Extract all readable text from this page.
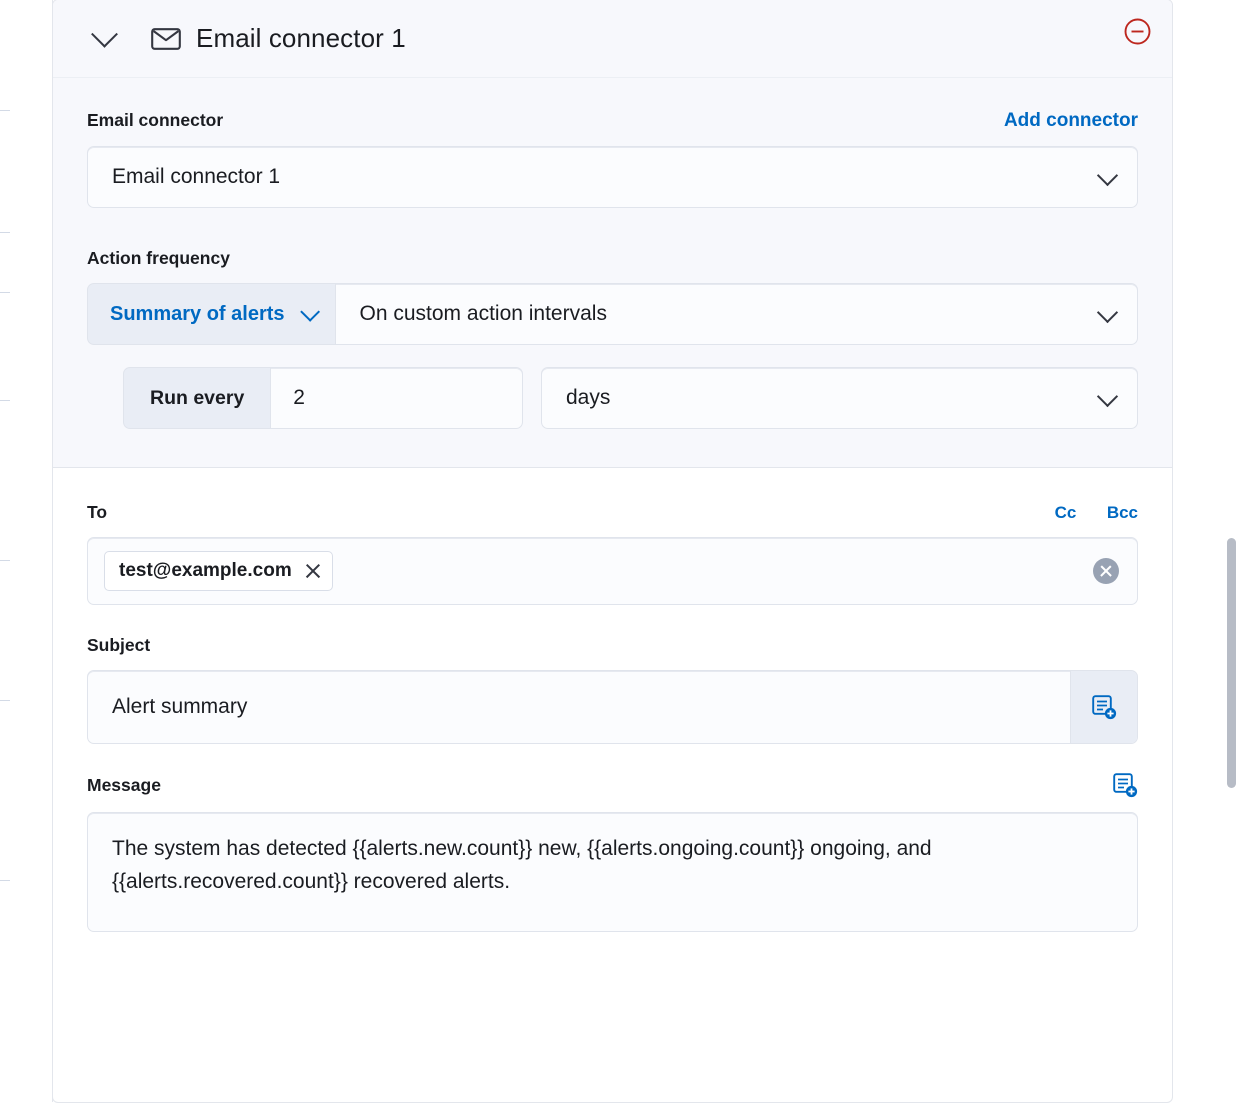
Email connector 1
Email connector	Add connector
Email connector 1
Action frequency
Summary of alerts	On custom action intervals
Run every	2	days
To	Cc Bcc
test@example.com
Subject
Alert summary
Message
The system has detected {{alerts.new.count}} new, {{alerts.ongoing.count}} ongoing, and {{alerts.recovered.count}} recovered alerts.
